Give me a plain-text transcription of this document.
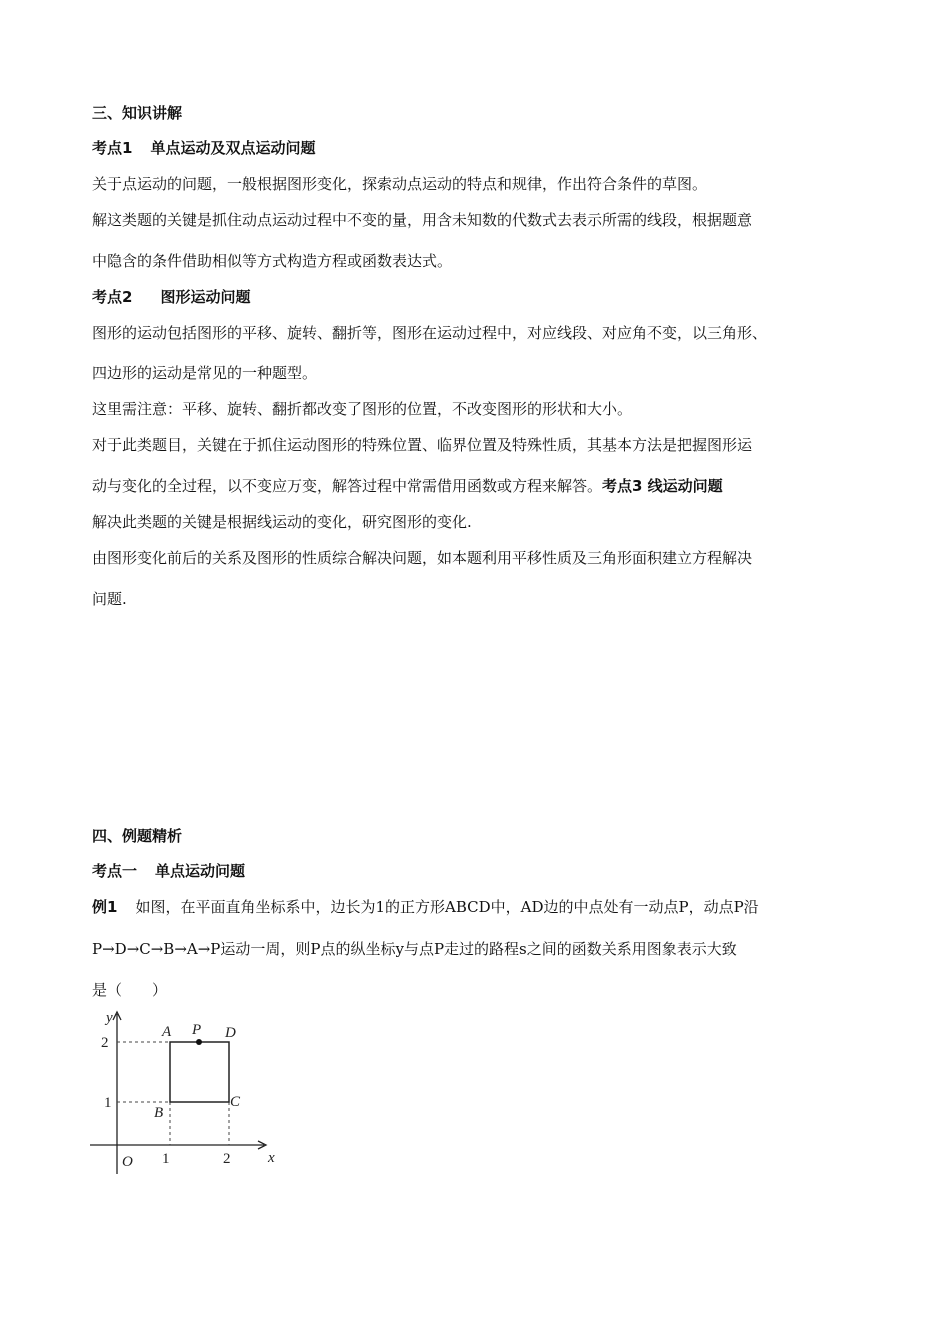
三、知识讲解
考点1 单点运动及双点运动问题
关于点运动的问题，一般根据图形变化，探索动点运动的特点和规律，作出符合条件的草图。
解这类题的关键是抓住动点运动过程中不变的量，用含未知数的代数式去表示所需的线段，根据题意
中隐含的条件借助相似等方式构造方程或函数表达式。
考点2 图形运动问题
图形的运动包括图形的平移、旋转、翻折等，图形在运动过程中，对应线段、对应角不变，以三角形、
四边形的运动是常见的一种题型。
这里需注意：平移、旋转、翻折都改变了图形的位置，不改变图形的形状和大小。
对于此类题目，关键在于抓住运动图形的特殊位置、临界位置及特殊性质，其基本方法是把握图形运
动与变化的全过程，以不变应万变，解答过程中常需借用函数或方程来解答。考点3 线运动问题
解决此类题的关键是根据线运动的变化，研究图形的变化.
由图形变化前后的关系及图形的性质综合解决问题，如本题利用平移性质及三角形面积建立方程解决
问题.
四、例题精析
考点一 单点运动问题
例1 如图，在平面直角坐标系中，边长为1的正方形ABCD中，AD边的中点处有一动点P，动点P沿
P→D→C→B→A→P运动一周，则P点的纵坐标y与点P走过的路程s之间的函数关系用图象表示大致
是（　　）
y
x
O
A P D
B
C
2
1
1	2
